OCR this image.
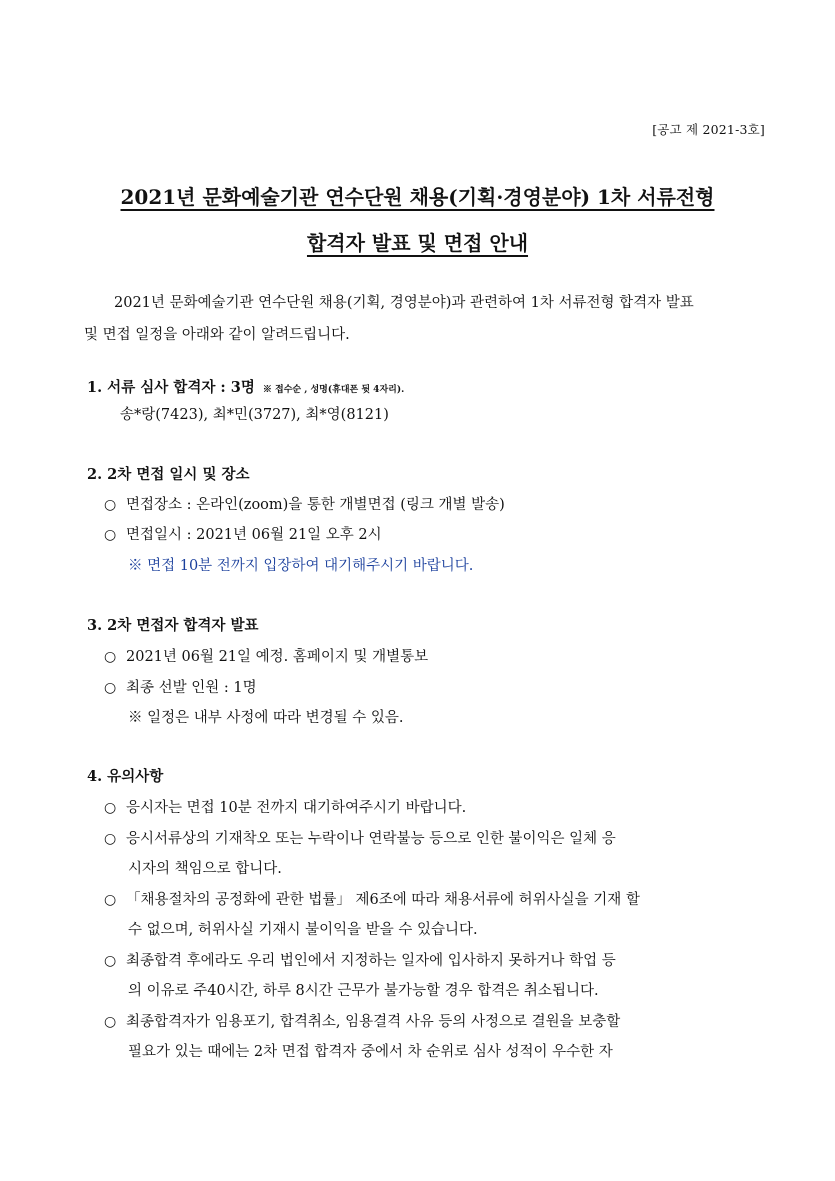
[공고 제 2021-3호]
2021년 문화예술기관 연수단원 채용(기획·경영분야) 1차 서류전형
합격자 발표 및 면접 안내
2021년 문화예술기관 연수단원 채용(기획, 경영분야)과 관련하여 1차 서류전형 합격자 발표
및 면접 일정을 아래와 같이 알려드립니다.
1. 서류 심사 합격자 : 3명 ※ 접수순 , 성명(휴대폰 뒷 4자리).
송*랑(7423), 최*민(3727), 최*영(8121)
2. 2차 면접 일시 및 장소
○ 면접장소 : 온라인(zoom)을 통한 개별면접 (링크 개별 발송)
○ 면접일시 : 2021년 06월 21일 오후 2시
※ 면접 10분 전까지 입장하여 대기해주시기 바랍니다.
3. 2차 면접자 합격자 발표
○ 2021년 06월 21일 예정. 홈페이지 및 개별통보
○ 최종 선발 인원 : 1명
※ 일정은 내부 사정에 따라 변경될 수 있음.
4. 유의사항
○ 응시자는 면접 10분 전까지 대기하여주시기 바랍니다.
○ 응시서류상의 기재착오 또는 누락이나 연락불능 등으로 인한 불이익은 일체 응
시자의 책임으로 합니다.
○ 「채용절차의 공정화에 관한 법률」 제6조에 따라 채용서류에 허위사실을 기재 할
수 없으며, 허위사실 기재시 불이익을 받을 수 있습니다.
○ 최종합격 후에라도 우리 법인에서 지정하는 일자에 입사하지 못하거나 학업 등
의 이유로 주40시간, 하루 8시간 근무가 불가능할 경우 합격은 취소됩니다.
○ 최종합격자가 임용포기, 합격취소, 임용결격 사유 등의 사정으로 결원을 보충할
필요가 있는 때에는 2차 면접 합격자 중에서 차 순위로 심사 성적이 우수한 자
